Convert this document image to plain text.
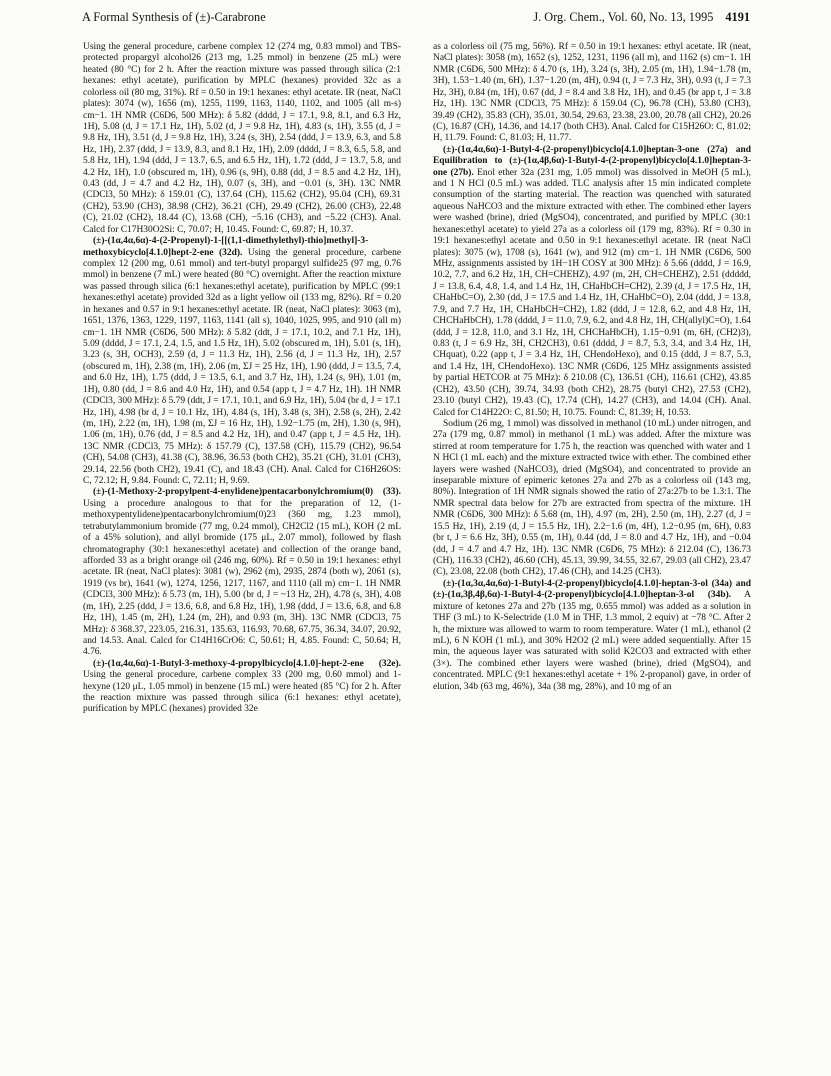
A Formal Synthesis of (±)-Carabrone	J. Org. Chem., Vol. 60, No. 13, 1995 4191

Using the general procedure, carbene complex 12 (274 mg, 0.83 mmol) and TBS-protected propargyl alcohol26 (213 mg, 1.25 mmol) in benzene (25 mL) were heated (80 °C) for 2 h. After the reaction mixture was passed through silica (2:1 hexanes: ethyl acetate), purification by MPLC (hexanes) provided 32c as a colorless oil (80 mg, 31%). Rf = 0.50 in 19:1 hexanes: ethyl acetate. IR (neat, NaCl plates): 3074 (w), 1656 (m), 1255, 1199, 1163, 1140, 1102, and 1005 (all m-s) cm−1. 1H NMR (C6D6, 500 MHz): δ 5.82 (dddd, J = 17.1, 9.8, 8.1, and 6.3 Hz, 1H), 5.08 (d, J = 17.1 Hz, 1H), 5.02 (d, J = 9.8 Hz, 1H), 4.83 (s, 1H), 3.55 (d, J = 9.8 Hz, 1H), 3.51 (d, J = 9.8 Hz, 1H), 3.24 (s, 3H), 2.54 (ddd, J = 13.9, 6.3, and 5.8 Hz, 1H), 2.37 (ddd, J = 13.9, 8.3, and 8.1 Hz, 1H), 2.09 (dddd, J = 8.3, 6.5, 5.8, and 5.8 Hz, 1H), 1.94 (ddd, J = 13.7, 6.5, and 6.5 Hz, 1H), 1.72 (ddd, J = 13.7, 5.8, and 4.2 Hz, 1H), 1.0 (obscured m, 1H), 0.96 (s, 9H), 0.88 (dd, J = 8.5 and 4.2 Hz, 1H), 0.43 (dd, J = 4.7 and 4.2 Hz, 1H), 0.07 (s, 3H), and −0.01 (s, 3H). 13C NMR (CDCl3, 50 MHz): δ 159.01 (C), 137.64 (CH), 115.62 (CH2), 95.04 (CH), 69.31 (CH2), 53.90 (CH3), 38.98 (CH2), 36.21 (CH), 29.49 (CH2), 26.00 (CH3), 22.48 (C), 21.02 (CH2), 18.44 (C), 13.68 (CH), −5.16 (CH3), and −5.22 (CH3). Anal. Calcd for C17H30O2Si: C, 70.07; H, 10.45. Found: C, 69.87; H, 10.37.

(±)-(1α,4α,6α)-4-(2-Propenyl)-1-[[(1,1-dimethylethyl)-thio]methyl]-3-methoxybicyclo[4.1.0]hept-2-ene (32d). Using the general procedure, carbene complex 12 (200 mg, 0.61 mmol) and tert-butyl propargyl sulfide25 (97 mg, 0.76 mmol) in benzene (7 mL) were heated (80 °C) overnight. After the reaction mixture was passed through silica (6:1 hexanes:ethyl acetate), purification by MPLC (99:1 hexanes:ethyl acetate) provided 32d as a light yellow oil (133 mg, 82%). Rf = 0.20 in hexanes and 0.57 in 9:1 hexanes:ethyl acetate. IR (neat, NaCl plates): 3063 (m), 1651, 1376, 1363, 1229, 1197, 1163, 1141 (all s), 1040, 1025, 995, and 910 (all m) cm−1. 1H NMR (C6D6, 500 MHz): δ 5.82 (ddt, J = 17.1, 10.2, and 7.1 Hz, 1H), 5.09 (dddd, J = 17.1, 2.4, 1.5, and 1.5 Hz, 1H), 5.02 (obscured m, 1H), 5.01 (s, 1H), 3.23 (s, 3H, OCH3), 2.59 (d, J = 11.3 Hz, 1H), 2.56 (d, J = 11.3 Hz, 1H), 2.57 (obscured m, 1H), 2.38 (m, 1H), 2.06 (m, ΣJ = 25 Hz, 1H), 1.90 (ddd, J = 13.5, 7.4, and 6.0 Hz, 1H), 1.75 (ddd, J = 13.5, 6.1, and 3.7 Hz, 1H), 1.24 (s, 9H), 1.01 (m, 1H), 0.80 (dd, J = 8.6 and 4.0 Hz, 1H), and 0.54 (app t, J = 4.7 Hz, 1H). 1H NMR (CDCl3, 300 MHz): δ 5.79 (ddt, J = 17.1, 10.1, and 6.9 Hz, 1H), 5.04 (br d, J = 17.1 Hz, 1H), 4.98 (br d, J = 10.1 Hz, 1H), 4.84 (s, 1H), 3.48 (s, 3H), 2.58 (s, 2H), 2.42 (m, 1H), 2.22 (m, 1H), 1.98 (m, ΣJ = 16 Hz, 1H), 1.92−1.75 (m, 2H), 1.30 (s, 9H), 1.06 (m, 1H), 0.76 (dd, J = 8.5 and 4.2 Hz, 1H), and 0.47 (app t, J = 4.5 Hz, 1H). 13C NMR (CDCl3, 75 MHz): δ 157.79 (C), 137.58 (CH), 115.79 (CH2), 96.54 (CH), 54.08 (CH3), 41.38 (C), 38.96, 36.53 (both CH2), 35.21 (CH), 31.01 (CH3), 29.14, 22.56 (both CH2), 19.41 (C), and 18.43 (CH). Anal. Calcd for C16H26OS: C, 72.12; H, 9.84. Found: C, 72.11; H, 9.69.

(±)-(1-Methoxy-2-propylpent-4-enylidene)pentacarbonylchromium(0) (33). Using a procedure analogous to that for the preparation of 12, (1-methoxypentylidene)pentacarbonylchromium(0)23 (360 mg, 1.23 mmol), tetrabutylammonium bromide (77 mg, 0.24 mmol), CH2Cl2 (15 mL), KOH (2 mL of a 45% solution), and allyl bromide (175 μL, 2.07 mmol), followed by flash chromatography (30:1 hexanes:ethyl acetate) and collection of the orange band, afforded 33 as a bright orange oil (246 mg, 60%). Rf = 0.50 in 19:1 hexanes: ethyl acetate. IR (neat, NaCl plates): 3081 (w), 2962 (m), 2935, 2874 (both w), 2061 (s), 1919 (vs br), 1641 (w), 1274, 1256, 1217, 1167, and 1110 (all m) cm−1. 1H NMR (CDCl3, 300 MHz): δ 5.73 (m, 1H), 5.00 (br d, J = ~13 Hz, 2H), 4.78 (s, 3H), 4.08 (m, 1H), 2.25 (ddd, J = 13.6, 6.8, and 6.8 Hz, 1H), 1.98 (ddd, J = 13.6, 6.8, and 6.8 Hz, 1H), 1.45 (m, 2H), 1.24 (m, 2H), and 0.93 (m, 3H). 13C NMR (CDCl3, 75 MHz): δ 368.37, 223.05, 216.31, 135.63, 116.93, 70.68, 67.75, 36.34, 34.07, 20.92, and 14.53. Anal. Calcd for C14H16CrO6: C, 50.61; H, 4.85. Found: C, 50.64; H, 4.76.

(±)-(1α,4α,6α)-1-Butyl-3-methoxy-4-propylbicyclo[4.1.0]-hept-2-ene (32e). Using the general procedure, carbene complex 33 (200 mg, 0.60 mmol) and 1-hexyne (120 μL, 1.05 mmol) in benzene (15 mL) were heated (85 °C) for 2 h. After the reaction mixture was passed through silica (6:1 hexanes: ethyl acetate), purification by MPLC (hexanes) provided 32e

as a colorless oil (75 mg, 56%). Rf = 0.50 in 19:1 hexanes: ethyl acetate. IR (neat, NaCl plates): 3058 (m), 1652 (s), 1252, 1231, 1196 (all m), and 1162 (s) cm−1. 1H NMR (C6D6, 500 MHz): δ 4.70 (s, 1H), 3.24 (s, 3H), 2.05 (m, 1H), 1.94−1.78 (m, 3H), 1.53−1.40 (m, 6H), 1.37−1.20 (m, 4H), 0.94 (t, J = 7.3 Hz, 3H), 0.93 (t, J = 7.3 Hz, 3H), 0.84 (m, 1H), 0.67 (dd, J = 8.4 and 3.8 Hz, 1H), and 0.45 (br app t, J = 3.8 Hz, 1H). 13C NMR (CDCl3, 75 MHz): δ 159.04 (C), 96.78 (CH), 53.80 (CH3), 39.49 (CH2), 35.83 (CH), 35.01, 30.54, 29.63, 23.38, 23.00, 20.78 (all CH2), 20.26 (C), 16.87 (CH), 14.36, and 14.17 (both CH3). Anal. Calcd for C15H26O: C, 81.02; H, 11.79. Found: C, 81.03; H, 11.77.

(±)-(1α,4α,6α)-1-Butyl-4-(2-propenyl)bicyclo[4.1.0]heptan-3-one (27a) and Equilibration to (±)-(1α,4β,6α)-1-Butyl-4-(2-propenyl)bicyclo[4.1.0]heptan-3-one (27b). Enol ether 32a (231 mg, 1.05 mmol) was dissolved in MeOH (5 mL), and 1 N HCl (0.5 mL) was added. TLC analysis after 15 min indicated complete consumption of the starting material. The reaction was quenched with saturated aqueous NaHCO3 and the mixture extracted with ether. The combined ether layers were washed (brine), dried (MgSO4), concentrated, and purified by MPLC (30:1 hexanes:ethyl acetate) to yield 27a as a colorless oil (179 mg, 83%). Rf = 0.30 in 19:1 hexanes:ethyl acetate and 0.50 in 9:1 hexanes:ethyl acetate. IR (neat NaCl plates): 3075 (w), 1708 (s), 1641 (w), and 912 (m) cm−1. 1H NMR (C6D6, 500 MHz, assignments assisted by 1H−1H COSY at 300 MHz): δ 5.66 (dddd, J = 16.9, 10.2, 7.7, and 6.2 Hz, 1H, CH=CHEHZ), 4.97 (m, 2H, CH=CHEHZ), 2.51 (ddddd, J = 13.8, 6.4, 4.8, 1.4, and 1.4 Hz, 1H, CHaHbCH=CH2), 2.39 (d, J = 17.5 Hz, 1H, CHaHbC=O), 2.30 (dd, J = 17.5 and 1.4 Hz, 1H, CHaHbC=O), 2.04 (ddd, J = 13.8, 7.9, and 7.7 Hz, 1H, CHaHbCH=CH2), 1.82 (ddd, J = 12.8, 6.2, and 4.8 Hz, 1H, CHCHaHbCH), 1.78 (dddd, J = 11.0, 7.9, 6.2, and 4.8 Hz, 1H, CH(allyl)C=O), 1.64 (ddd, J = 12.8, 11.0, and 3.1 Hz, 1H, CHCHaHbCH), 1.15−0.91 (m, 6H, (CH2)3), 0.83 (t, J = 6.9 Hz, 3H, CH2CH3), 0.61 (dddd, J = 8.7, 5.3, 3.4, and 3.4 Hz, 1H, CHquat), 0.22 (app t, J = 3.4 Hz, 1H, CHendoHexo), and 0.15 (ddd, J = 8.7, 5.3, and 1.4 Hz, 1H, CHendoHexo). 13C NMR (C6D6, 125 MHz assignments assisted by partial HETCOR at 75 MHz): δ 210.08 (C), 136.51 (CH), 116.61 (CH2), 43.85 (CH2), 43.50 (CH), 39.74, 34.93 (both CH2), 28.75 (butyl CH2), 27.53 (CH2), 23.10 (butyl CH2), 19.43 (C), 17.74 (CH), 14.27 (CH3), and 14.04 (CH). Anal. Calcd for C14H22O: C, 81.50; H, 10.75. Found: C, 81.39; H, 10.53.

Sodium (26 mg, 1 mmol) was dissolved in methanol (10 mL) under nitrogen, and 27a (179 mg, 0.87 mmol) in methanol (1 mL) was added. After the mixture was stirred at room temperature for 1.75 h, the reaction was quenched with water and 1 N HCl (1 mL each) and the mixture extracted twice with ether. The combined ether layers were washed (NaHCO3), dried (MgSO4), and concentrated to provide an inseparable mixture of epimeric ketones 27a and 27b as a colorless oil (143 mg, 80%). Integration of 1H NMR signals showed the ratio of 27a:27b to be 1.3:1. The NMR spectral data below for 27b are extracted from spectra of the mixture. 1H NMR (C6D6, 300 MHz): δ 5.68 (m, 1H), 4.97 (m, 2H), 2.50 (m, 1H), 2.27 (d, J = 15.5 Hz, 1H), 2.19 (d, J = 15.5 Hz, 1H), 2.2−1.6 (m, 4H), 1.2−0.95 (m, 6H), 0.83 (br t, J = 6.6 Hz, 3H), 0.55 (m, 1H), 0.44 (dd, J = 8.0 and 4.7 Hz, 1H), and −0.04 (dd, J = 4.7 and 4.7 Hz, 1H). 13C NMR (C6D6, 75 MHz): δ 212.04 (C), 136.73 (CH), 116.33 (CH2), 46.60 (CH), 45.13, 39.99, 34.55, 32.67, 29.03 (all CH2), 23.47 (C), 23.08, 22.08 (both CH2), 17.46 (CH), and 14.25 (CH3).

(±)-(1α,3α,4α,6α)-1-Butyl-4-(2-propenyl)bicyclo[4.1.0]-heptan-3-ol (34a) and (±)-(1α,3β,4β,6α)-1-Butyl-4-(2-propenyl)bicyclo[4.1.0]heptan-3-ol (34b). A mixture of ketones 27a and 27b (135 mg, 0.655 mmol) was added as a solution in THF (3 mL) to K-Selectride (1.0 M in THF, 1.3 mmol, 2 equiv) at −78 °C. After 2 h, the mixture was allowed to warm to room temperature. Water (1 mL), ethanol (2 mL), 6 N KOH (1 mL), and 30% H2O2 (2 mL) were added sequentially. After 15 min, the aqueous layer was saturated with solid K2CO3 and extracted with ether (3×). The combined ether layers were washed (brine), dried (MgSO4), and concentrated. MPLC (9:1 hexanes:ethyl acetate + 1% 2-propanol) gave, in order of elution, 34b (63 mg, 46%), 34a (38 mg, 28%), and 10 mg of an
